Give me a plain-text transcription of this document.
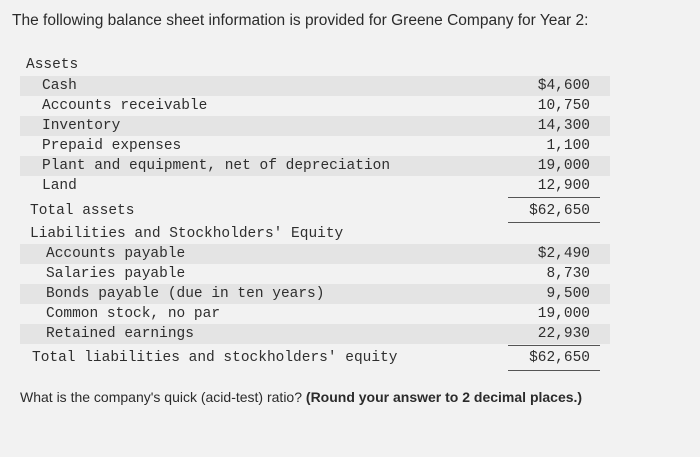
The following balance sheet information is provided for Greene Company for Year 2:
Assets
Cash	$4,600
Accounts receivable	10,750
Inventory	14,300
Prepaid expenses	1,100
Plant and equipment, net of depreciation	19,000
Land	12,900
Total assets	$62,650
Liabilities and Stockholders' Equity
Accounts payable	$2,490
Salaries payable	8,730
Bonds payable (due in ten years)	9,500
Common stock, no par	19,000
Retained earnings	22,930
Total liabilities and stockholders' equity	$62,650
What is the company's quick (acid-test) ratio? (Round your answer to 2 decimal places.)
